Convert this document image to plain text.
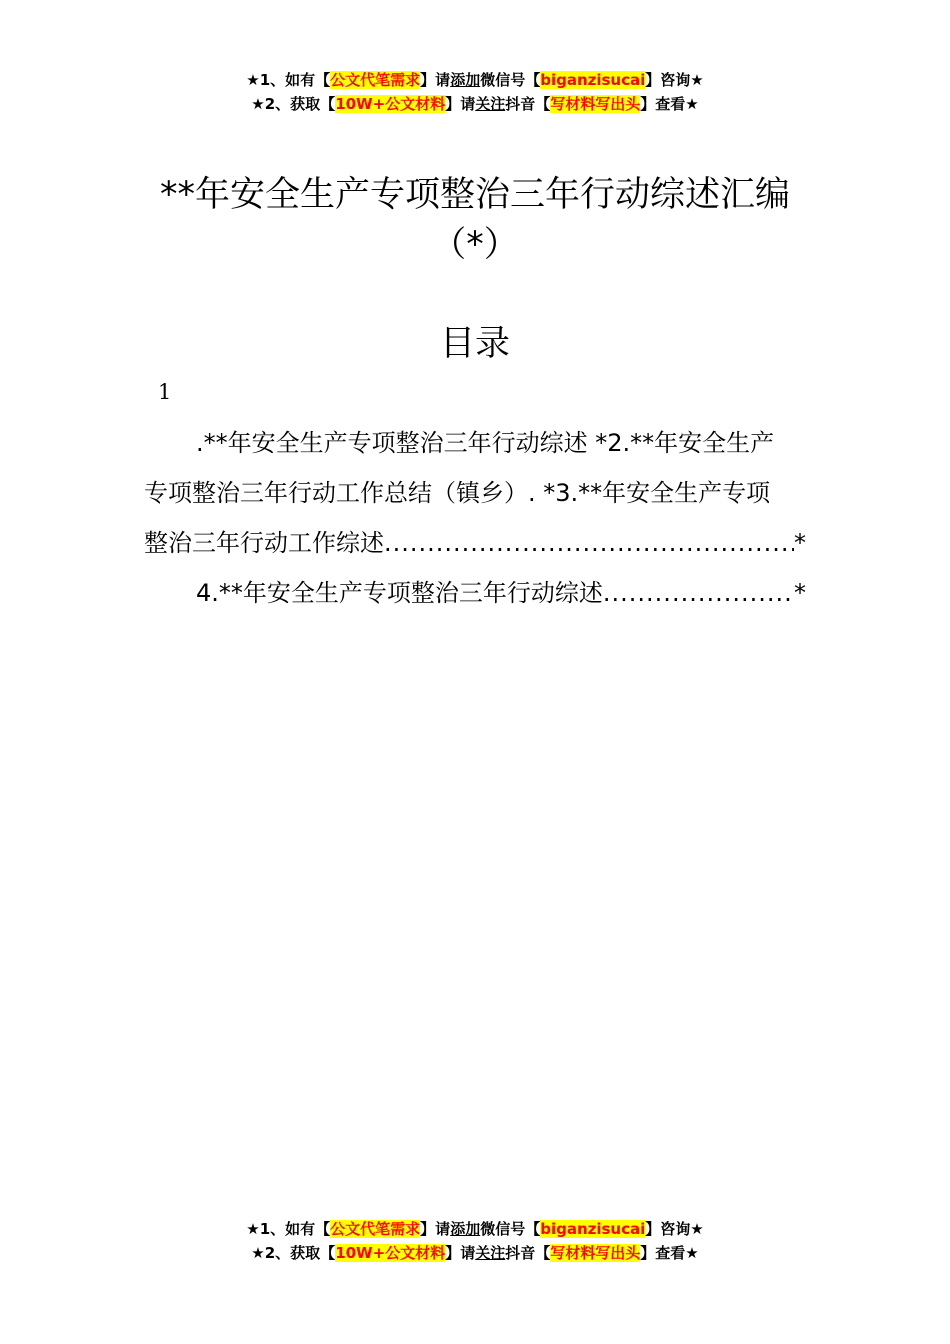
★1、如有【公文代笔需求】请添加微信号【biganzisucai】咨询★
★2、获取【10W+公文材料】请关注抖音【写材料写出头】查看★
**年安全生产专项整治三年行动综述汇编
（*）
目录
1
.**年安全生产专项整治三年行动综述 *2.**年安全生产
专项整治三年行动工作总结（镇乡）. *3.**年安全生产专项
整治三年行动工作综述 .....	*
4.**年安全生产专项整治三年行动综述 .....	*
★1、如有【公文代笔需求】请添加微信号【biganzisucai】咨询★
★2、获取【10W+公文材料】请关注抖音【写材料写出头】查看★
